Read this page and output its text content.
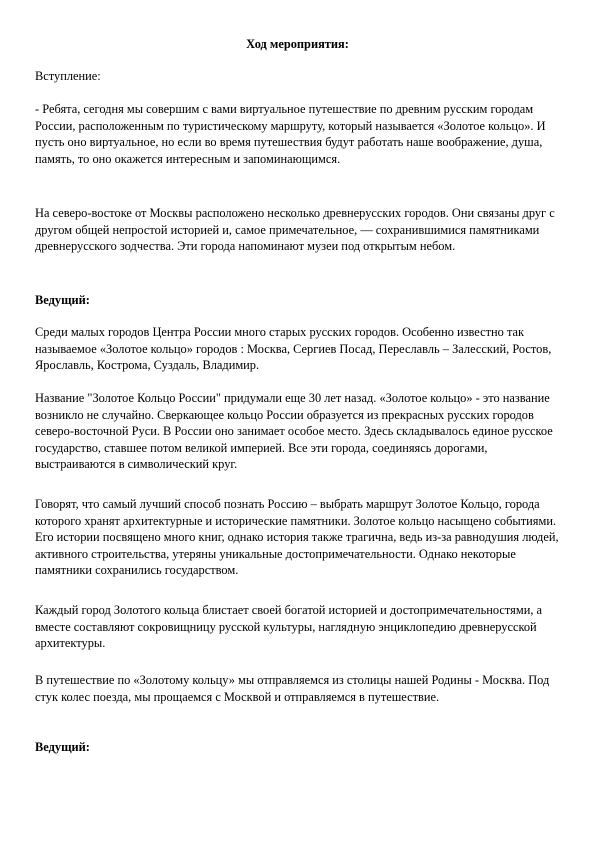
Ход мероприятия:

Вступление:

- Ребята, сегодня мы совершим с вами виртуальное путешествие по древним русским городам России, расположенным по туристическому маршруту, который называется «Золотое кольцо». И пусть оно виртуальное, но если во время путешествия будут работать наше воображение, душа, память, то оно окажется интересным и запоминающимся.

На северо-востоке от Москвы расположено несколько древнерусских городов. Они связаны друг с другом общей непростой историей и, самое примечательное, — сохранившимися памятниками древнерусского зодчества. Эти города напоминают музеи под открытым небом.

Ведущий:

Среди малых городов Центра России много старых русских городов. Особенно известно так называемое «Золотое кольцо» городов : Москва, Сергиев Посад, Переславль – Залесский, Ростов, Ярославль, Кострома, Суздаль, Владимир.

Название "Золотое Кольцо России" придумали еще 30 лет назад. «Золотое кольцо» - это название возникло не случайно. Сверкающее кольцо России образуется из прекрасных русских городов северо-восточной Руси. В России оно занимает особое место. Здесь складывалось единое русское государство, ставшее потом великой империей. Все эти города, соединяясь дорогами, выстраиваются в символический круг.

Говорят, что самый лучший способ познать Россию – выбрать маршрут Золотое Кольцо, города которого хранят архитектурные и исторические памятники. Золотое кольцо насыщено событиями. Его истории посвящено много книг, однако история также трагична, ведь из-за равнодушия людей, активного строительства, утеряны уникальные достопримечательности. Однако некоторые памятники сохранились государством.

Каждый город Золотого кольца блистает своей богатой историей и достопримечательностями, а вместе составляют сокровищницу русской культуры, наглядную энциклопедию древнерусской архитектуры.

В путешествие по «Золотому кольцу» мы отправляемся из столицы нашей Родины - Москва. Под стук колес поезда, мы прощаемся с Москвой и отправляемся в путешествие.

Ведущий:
